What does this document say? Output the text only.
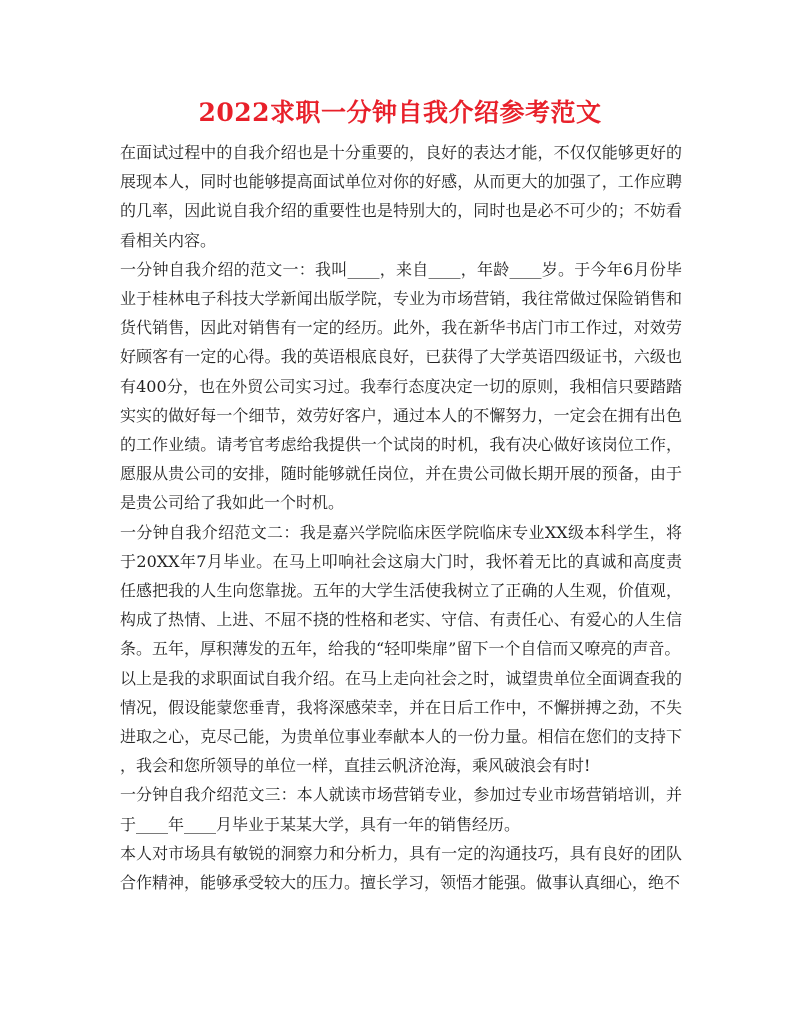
2022求职一分钟自我介绍参考范文

在面试过程中的自我介绍也是十分重要的，良好的表达才能，不仅仅能够更好的展现本人，同时也能够提高面试单位对你的好感，从而更大的加强了，工作应聘的几率，因此说自我介绍的重要性也是特别大的，同时也是必不可少的；不妨看看相关内容。

一分钟自我介绍的范文一：我叫____，来自____，年龄____岁。于今年6月份毕业于桂林电子科技大学新闻出版学院，专业为市场营销，我往常做过保险销售和货代销售，因此对销售有一定的经历。此外，我在新华书店门市工作过，对效劳好顾客有一定的心得。我的英语根底良好，已获得了大学英语四级证书，六级也有400分，也在外贸公司实习过。我奉行态度决定一切的原则，我相信只要踏踏实实的做好每一个细节，效劳好客户，通过本人的不懈努力，一定会在拥有出色的工作业绩。请考官考虑给我提供一个试岗的时机，我有决心做好该岗位工作，愿服从贵公司的安排，随时能够就任岗位，并在贵公司做长期开展的预备，由于是贵公司给了我如此一个时机。

一分钟自我介绍范文二：我是嘉兴学院临床医学院临床专业XX级本科学生，将于20XX年7月毕业。在马上叩响社会这扇大门时，我怀着无比的真诚和高度责任感把我的人生向您靠拢。五年的大学生活使我树立了正确的人生观，价值观，构成了热情、上进、不屈不挠的性格和老实、守信、有责任心、有爱心的人生信条。五年，厚积薄发的五年，给我的“轻叩柴扉”留下一个自信而又嘹亮的声音。

以上是我的求职面试自我介绍。在马上走向社会之时，诚望贵单位全面调查我的情况，假设能蒙您垂青，我将深感荣幸，并在日后工作中，不懈拼搏之劲，不失进取之心，克尽己能，为贵单位事业奉献本人的一份力量。相信在您们的支持下，我会和您所领导的单位一样，直挂云帆济沧海，乘风破浪会有时!

一分钟自我介绍范文三：本人就读市场营销专业，参加过专业市场营销培训，并于____年____月毕业于某某大学，具有一年的销售经历。

本人对市场具有敏锐的洞察力和分析力，具有一定的沟通技巧，具有良好的团队合作精神，能够承受较大的压力。擅长学习，领悟才能强。做事认真细心，绝不
